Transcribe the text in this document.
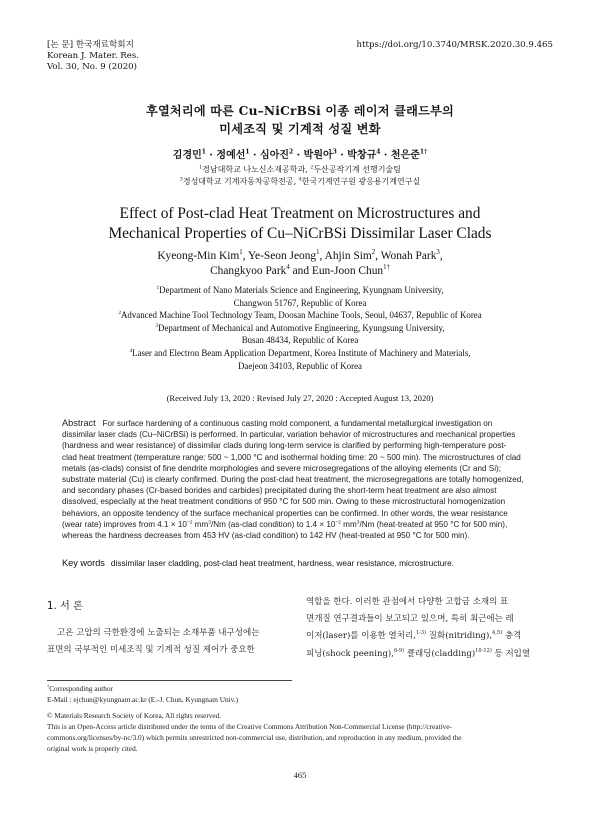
[논 문] 한국재료학회지
Korean J. Mater. Res.
Vol. 30, No. 9 (2020)
https://doi.org/10.3740/MRSK.2020.30.9.465
후열처리에 따른 Cu–NiCrBSi 이종 레이저 클래드부의
미세조직 및 기계적 성질 변화
김경민$^1$ · 정예선$^1$ · 심아진$^2$ · 박원아$^3$ · 박창규$^4$ · 천은준$^{1\dagger}$
$^1$경남대학교 나노신소재공학과, $^2$두산공작기계 선행기술팀
$^3$경성대학교 기계자동차공학전공, $^4$한국기계연구원 광응용기계연구실
Effect of Post-clad Heat Treatment on Microstructures and
Mechanical Properties of Cu–NiCrBSi Dissimilar Laser Clads
Kyeong-Min Kim$^1$, Ye-Seon Jeong$^1$, Ahjin Sim$^2$, Wonah Park$^3$,
Changkyoo Park$^4$ and Eun-Joon Chun$^{1\dagger}$
$^1$Department of Nano Materials Science and Engineering, Kyungnam University,
Changwon 51767, Republic of Korea
$^2$Advanced Machine Tool Technology Team, Doosan Machine Tools, Seoul, 04637, Republic of Korea
$^3$Department of Mechanical and Automotive Engineering, Kyungsung University,
Busan 48434, Republic of Korea
$^4$Laser and Electron Beam Application Department, Korea Institute of Machinery and Materials,
Daejeon 34103, Republic of Korea
(Received July 13, 2020 : Revised July 27, 2020 : Accepted August 13, 2020)
Abstract For surface hardening of a continuous casting mold component, a fundamental metallurgical investigation on
dissimilar laser clads (Cu–NiCrBSi) is performed. In particular, variation behavior of microstructures and mechanical properties
(hardness and wear resistance) of dissimilar clads during long-term service is clarified by performing high-temperature post-
clad heat treatment (temperature range: 500 ~ 1,000 °C and isothermal holding time: 20 ~ 500 min). The microstructures of clad
metals (as-clads) consist of fine dendrite morphologies and severe microsegregations of the alloying elements (Cr and Si);
substrate material (Cu) is clearly confirmed. During the post-clad heat treatment, the microsegregations are totally homogenized,
and secondary phases (Cr-based borides and carbides) precipitated during the short-term heat treatment are also almost
dissolved, especially at the heat treatment conditions of 950 °C for 500 min. Owing to these microstructural homogenization
behaviors, an opposite tendency of the surface mechanical properties can be confirmed. In other words, the wear resistance
(wear rate) improves from $4.1 \times 10^{-2}$ $mm^3/Nm$ (as-clad condition) to $1.4 \times 10^{-2}$ $mm^3/Nm$ (heat-treated at 950 °C for 500 min),
whereas the hardness decreases from 453 HV (as-clad condition) to 142 HV (heat-treated at 950 °C for 500 min).
Key words dissimilar laser cladding, post-clad heat treatment, hardness, wear resistance, microstructure.
1. 서 론
고온 고압의 극한환경에 노출되는 소재부품 내구성에는
표면의 국부적인 미세조직 및 기계적 성질 제어가 중요한
역할을 한다. 이러한 관점에서 다양한 고합금 소재의 표
면개질 연구결과들이 보고되고 있으며, 특히 최근에는 레
이저(laser)를 이용한 열처리,$^{1-3)}$ 질화(nitriding),$^{4,5)}$ 충격
피닝(shock peening),$^{6-9)}$ 클래딩(cladding)$^{10-12)}$ 등 저입열
†Corresponding author
E-Mail : ejchun@kyungnam.ac.kr (E.-J. Chun, Kyungnam Univ.)
© Materials Research Society of Korea, All rights reserved.
This is an Open-Access article distributed under the terms of the Creative Commons Attribution Non-Commercial License (http://creative-
commons.org/licenses/by-nc/3.0) which permits unrestricted non-commercial use, distribution, and reproduction in any medium, provided the
original work is properly cited.
465
